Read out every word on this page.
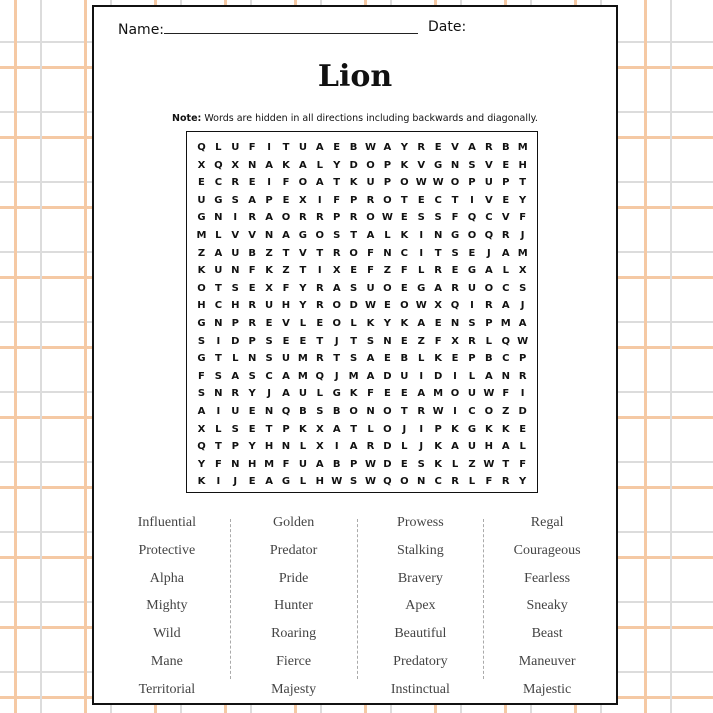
Name:	Date:
Lion
Note: Words are hidden in all directions including backwards and diagonally.
Q L U F	I	T U A E B W A Y R E V A R B M
X Q X N A K A L	Y D O P K V G N S V E H
E C R E	I	F O A T K U P O W W O P U P T
U G S A P E X	I	F P R O T	E C T	I	V E Y
G N	I	R A O R R P R O W E S S F Q C V F
M L V V N A G O S T A L K	I	N G O Q R	J
Z A U B Z T V T R O F N C	I	T S E	J	A M
K U N F K Z T	I	X E	F Z F	L R E G A L X
O T S E X F Y R A S U O E G A R U O C S
H C H R U H Y R O D W E O W X Q	I	R A	J
G N P R E V L	E O L K Y K A E N S P M A
S	I	D P S E	E	T	J	T S N E Z F X R L Q W
G T	L N S U M R T S A E B L K E P B C P
F S A S C A M Q	J	M A D U	I	D	I	L A N R
S N R Y	J	A U L G K F	E	E A M O U W F	I
A	I	U E N Q B S B O N O T R W I	C O Z D
X L	S E	T P K X A T	L O	J	I	P K G K K E
Q T P Y H N L X	I	A R D L	J	K A U H A L
Y F N H M F U A B P W D E S K L	Z W T	F
K	I	J	E A G L H W S W Q O N C R L	F R Y
Influential
Protective
Alpha
Mighty
Wild
Mane
Territorial
Golden
Predator
Pride
Hunter
Roaring
Fierce
Majesty
Prowess
Stalking
Bravery
Apex
Beautiful
Predatory
Instinctual
Regal
Courageous
Fearless
Sneaky
Beast
Maneuver
Majestic
